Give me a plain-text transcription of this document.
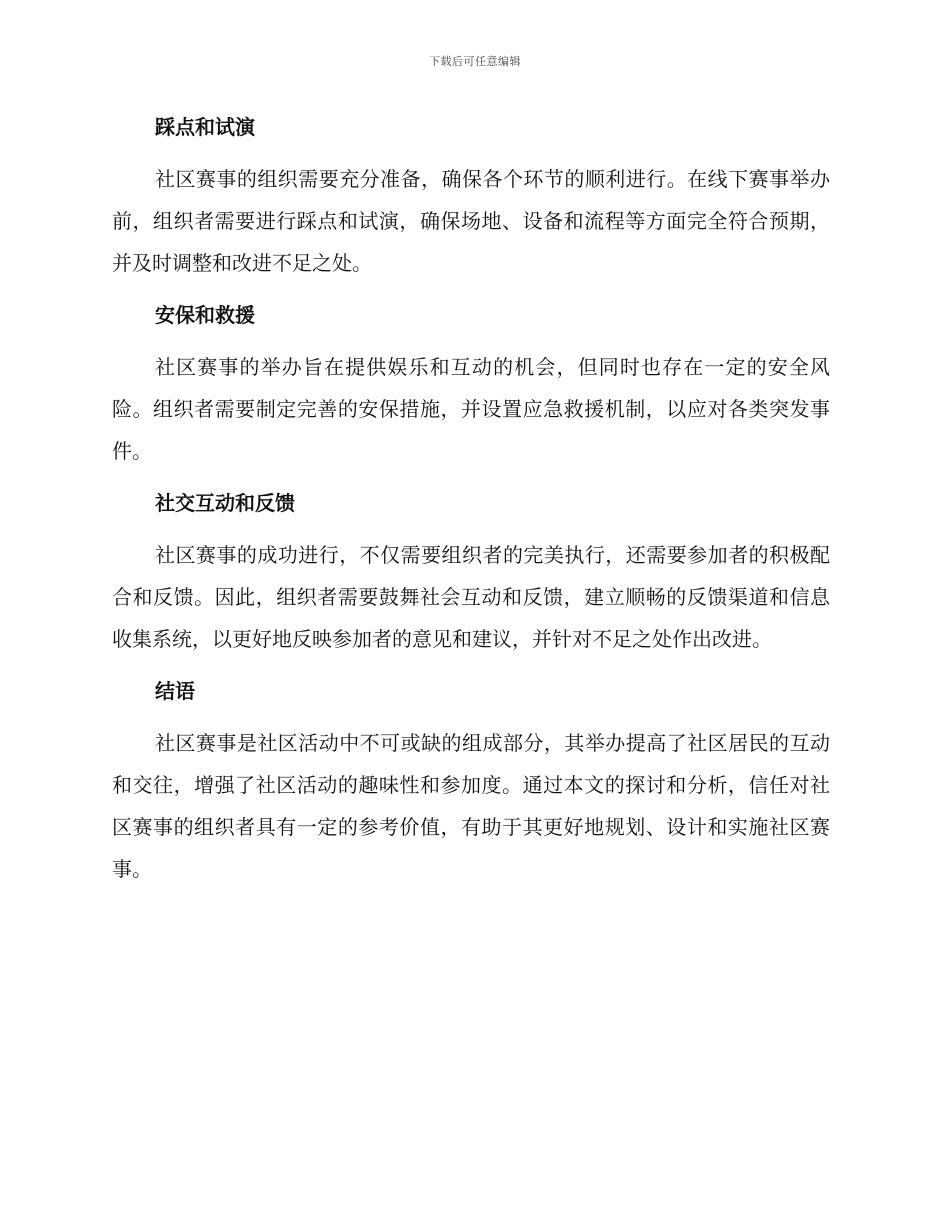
下载后可任意编辑
踩点和试演

社区赛事的组织需要充分准备，确保各个环节的顺利进行。在线下赛事举办前，组织者需要进行踩点和试演，确保场地、设备和流程等方面完全符合预期，并及时调整和改进不足之处。

安保和救援

社区赛事的举办旨在提供娱乐和互动的机会，但同时也存在一定的安全风险。组织者需要制定完善的安保措施，并设置应急救援机制，以应对各类突发事件。

社交互动和反馈

社区赛事的成功进行，不仅需要组织者的完美执行，还需要参加者的积极配合和反馈。因此，组织者需要鼓舞社会互动和反馈，建立顺畅的反馈渠道和信息收集系统，以更好地反映参加者的意见和建议，并针对不足之处作出改进。

结语

社区赛事是社区活动中不可或缺的组成部分，其举办提高了社区居民的互动和交往，增强了社区活动的趣味性和参加度。通过本文的探讨和分析，信任对社区赛事的组织者具有一定的参考价值，有助于其更好地规划、设计和实施社区赛事。
